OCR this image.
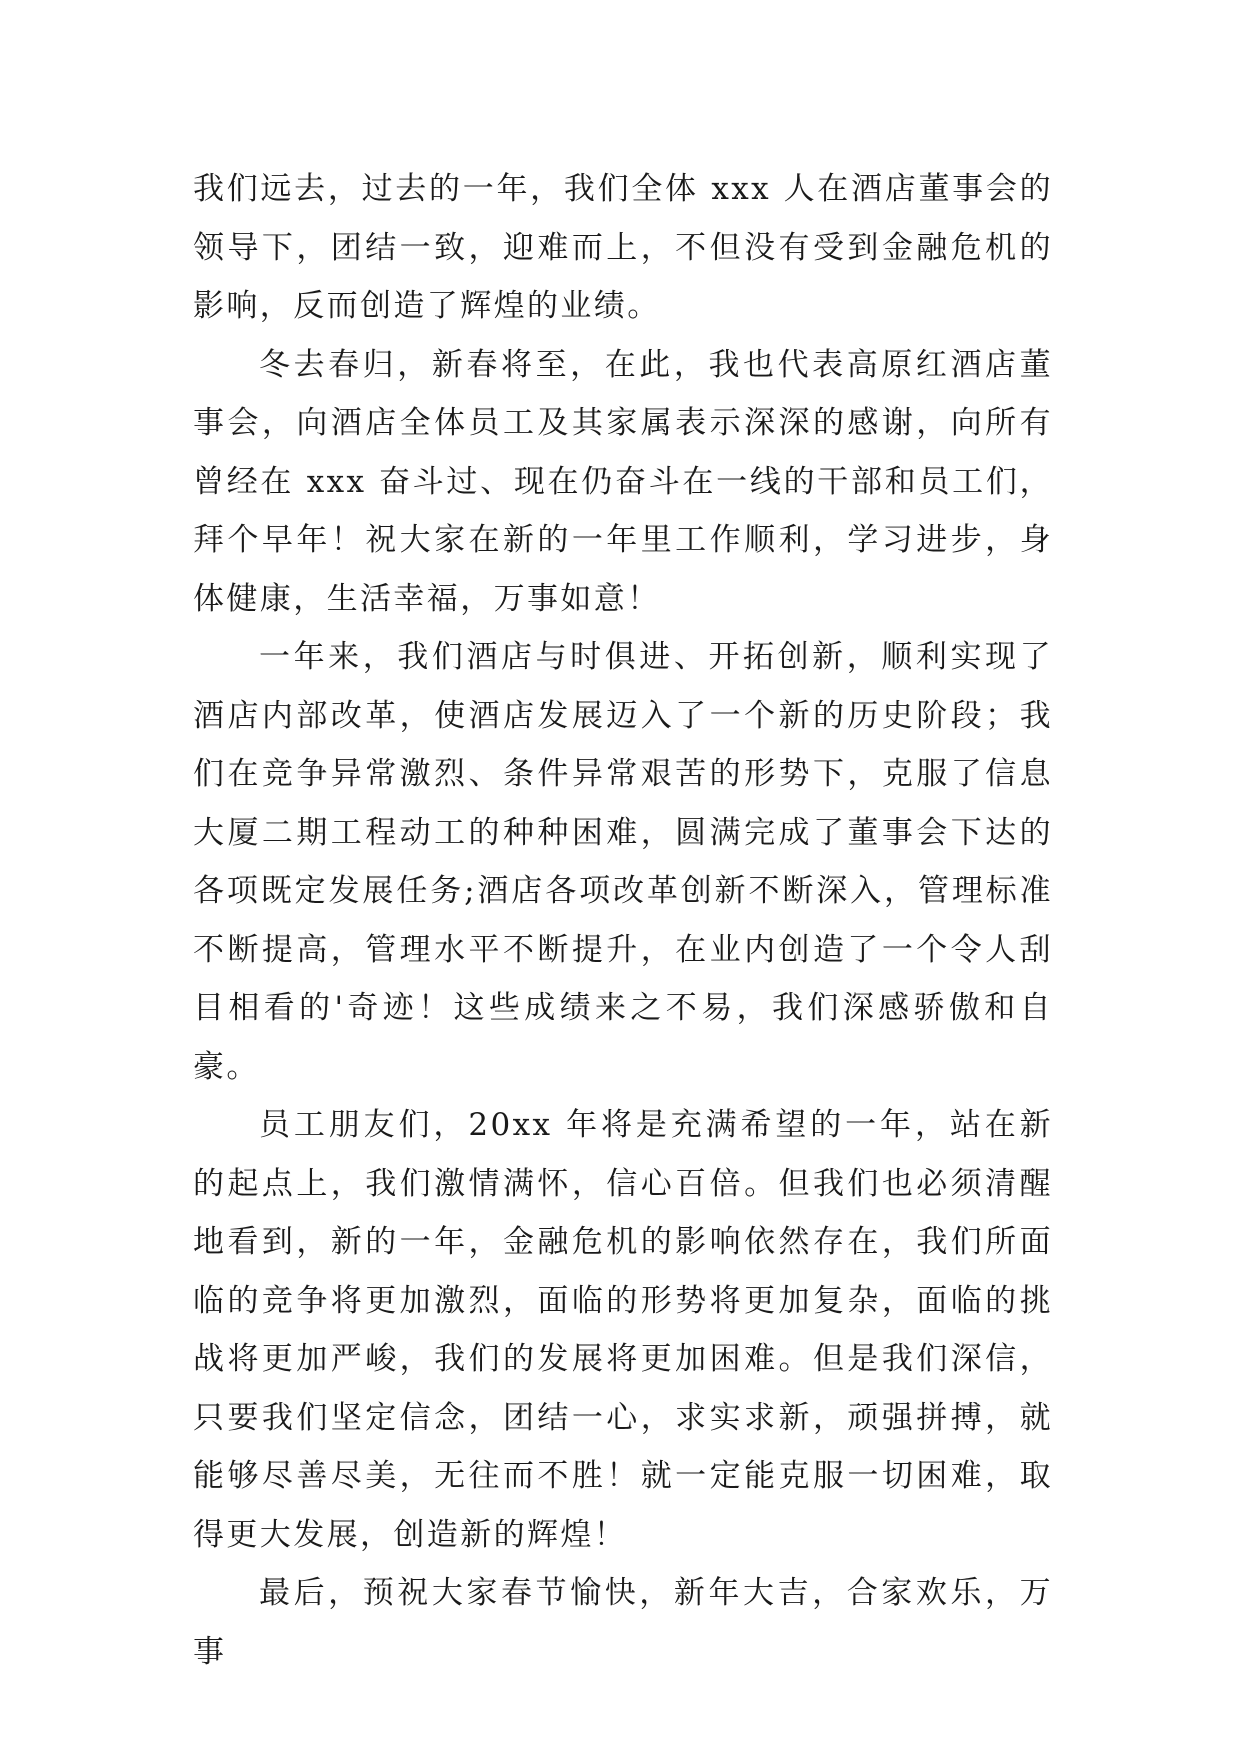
我们远去，过去的一年，我们全体 xxx 人在酒店董事会的领导下，团结一致，迎难而上，不但没有受到金融危机的影响，反而创造了辉煌的业绩。

冬去春归，新春将至，在此，我也代表高原红酒店董事会，向酒店全体员工及其家属表示深深的感谢，向所有曾经在 xxx 奋斗过、现在仍奋斗在一线的干部和员工们，拜个早年！祝大家在新的一年里工作顺利，学习进步，身体健康，生活幸福，万事如意！

一年来，我们酒店与时俱进、开拓创新，顺利实现了酒店内部改革，使酒店发展迈入了一个新的历史阶段；我们在竞争异常激烈、条件异常艰苦的形势下，克服了信息大厦二期工程动工的种种困难，圆满完成了董事会下达的各项既定发展任务;酒店各项改革创新不断深入，管理标准不断提高，管理水平不断提升，在业内创造了一个令人刮目相看的'奇迹！这些成绩来之不易，我们深感骄傲和自豪。

员工朋友们，20xx 年将是充满希望的一年，站在新的起点上，我们激情满怀，信心百倍。但我们也必须清醒地看到，新的一年，金融危机的影响依然存在，我们所面临的竞争将更加激烈，面临的形势将更加复杂，面临的挑战将更加严峻，我们的发展将更加困难。但是我们深信，只要我们坚定信念，团结一心，求实求新，顽强拼搏，就能够尽善尽美，无往而不胜！就一定能克服一切困难，取得更大发展，创造新的辉煌！

最后，预祝大家春节愉快，新年大吉，合家欢乐，万事
